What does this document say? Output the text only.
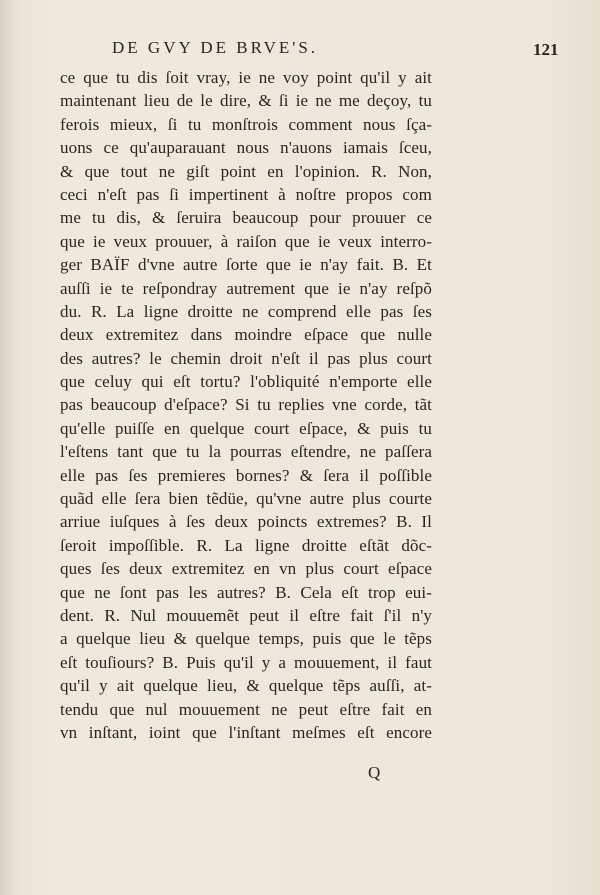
DE GVY DE BRVE'S.	121
ce que tu dis ſoit vray, ie ne voy point qu'il y ait
maintenant lieu de le dire, & ſi ie ne me deçoy, tu
ferois mieux, ſi tu monſtrois comment nous ſça-
uons ce qu'auparauant nous n'auons iamais ſceu,
& que tout ne giſt point en l'opinion. R. Non,
ceci n'eſt pas ſi impertinent à noſtre propos com
me tu dis, & ſeruira beaucoup pour prouuer ce
que ie veux prouuer, à raiſon que ie veux interro-
ger BAÏF d'vne autre ſorte que ie n'ay fait. B. Et
auſſi ie te reſpondray autrement que ie n'ay reſpõ
du. R. La ligne droitte ne comprend elle pas ſes
deux extremitez dans moindre eſpace que nulle
des autres? le chemin droit n'eſt il pas plus court
que celuy qui eſt tortu? l'obliquité n'emporte elle
pas beaucoup d'eſpace? Si tu replies vne corde, tãt
qu'elle puiſſe en quelque court eſpace, & puis tu
l'eſtens tant que tu la pourras eſtendre, ne paſſera
elle pas ſes premieres bornes? & ſera il poſſible
quãd elle ſera bien tẽdüe, qu'vne autre plus courte
arriue iuſques à ſes deux poincts extremes? B. Il
ſeroit impoſſible. R. La ligne droitte eſtãt dõc-
ques ſes deux extremitez en vn plus court eſpace
que ne ſont pas les autres? B. Cela eſt trop eui-
dent. R. Nul mouuemẽt peut il eſtre fait ſ'il n'y
a quelque lieu & quelque temps, puis que le tẽps
eſt touſiours? B. Puis qu'il y a mouuement, il faut
qu'il y ait quelque lieu, & quelque tẽps auſſi, at-
tendu que nul mouuement ne peut eſtre fait en
vn inſtant, ioint que l'inſtant meſmes eſt encore
Q
